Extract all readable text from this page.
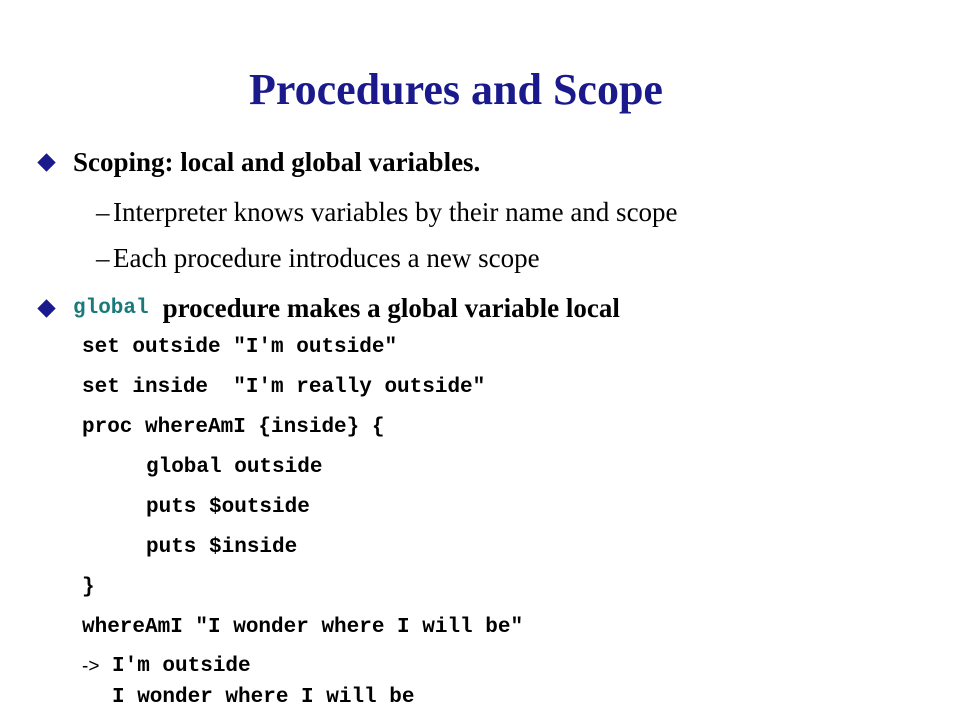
Procedures and Scope
Scoping: local and global variables.
– Interpreter knows variables by their name and scope
– Each procedure introduces a new scope
global procedure makes a global variable local
set outside "I'm outside"
set inside  "I'm really outside"
proc whereAmI {inside} {
global outside
puts $outside
puts $inside
}
whereAmI "I wonder where I will be"
-> I'm outside
I wonder where I will be
